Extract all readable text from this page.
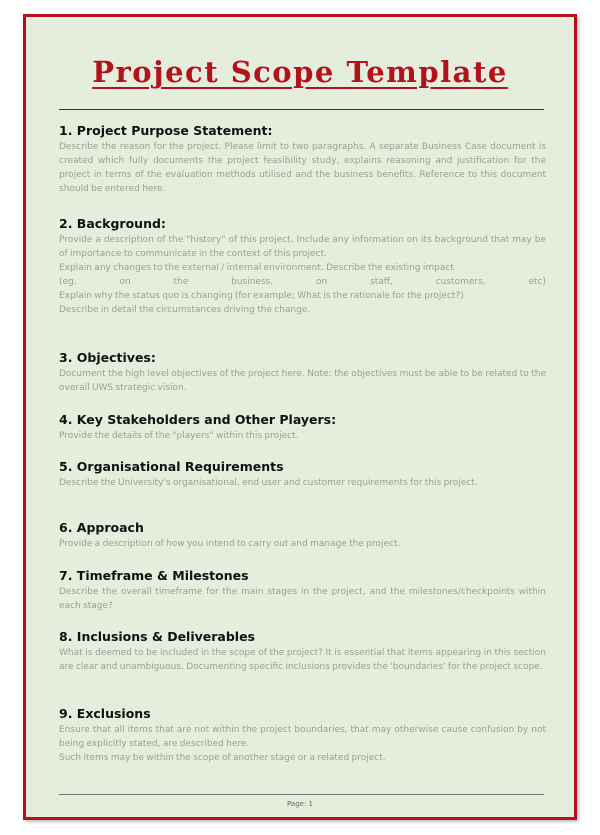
Project Scope Template
1. Project Purpose Statement:
Describe the reason for the project. Please limit to two paragraphs. A separate Business Case document is created which fully documents the project feasibility study, explains reasoning and justification for the project in terms of the evaluation methods utilised and the business benefits. Reference to this document should be entered here.
2. Background:
Provide a description of the "history" of this project. Include any information on its background that may be of importance to communicate in the context of this project.
Explain any changes to the external / internal environment. Describe the existing impact
(eg. on the business, on staff, customers, etc)
Explain why the status quo is changing (for example; What is the rationale for the project?)
Describe in detail the circumstances driving the change.
3. Objectives:
Document the high level objectives of the project here. Note: the objectives must be able to be related to the overall UWS strategic vision.
4. Key Stakeholders and Other Players:
Provide the details of the "players" within this project.
5. Organisational Requirements
Describe the University's organisational, end user and customer requirements for this project.
6. Approach
Provide a description of how you intend to carry out and manage the project.
7. Timeframe & Milestones
Describe the overall timeframe for the main stages in the project, and the milestones/checkpoints within each stage?
8. Inclusions & Deliverables
What is deemed to be included in the scope of the project? It is essential that items appearing in this section are clear and unambiguous. Documenting specific inclusions provides the 'boundaries' for the project scope.
9. Exclusions
Ensure that all items that are not within the project boundaries, that may otherwise cause confusion by not being explicitly stated, are described here.
Such items may be within the scope of another stage or a related project.
Page: 1
